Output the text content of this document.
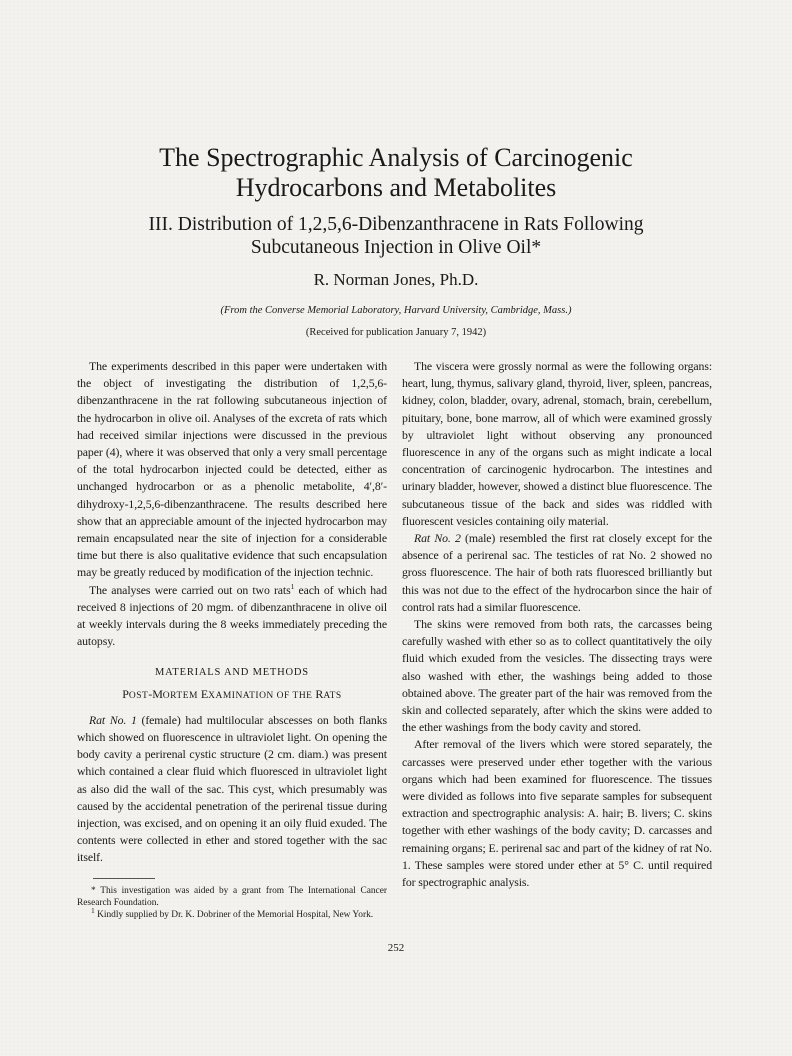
The Spectrographic Analysis of Carcinogenic
Hydrocarbons and Metabolites
III. Distribution of 1,2,5,6-Dibenzanthracene in Rats Following
Subcutaneous Injection in Olive Oil*
R. Norman Jones, Ph.D.
(From the Converse Memorial Laboratory, Harvard University, Cambridge, Mass.)
(Received for publication January 7, 1942)

The experiments described in this paper were undertaken with the object of investigating the distribution of 1,2,5,6-dibenzanthracene in the rat following subcutaneous injection of the hydrocarbon in olive oil. Analyses of the excreta of rats which had received similar injections were discussed in the previous paper (4), where it was observed that only a very small percentage of the total hydrocarbon injected could be detected, either as unchanged hydrocarbon or as a phenolic metabolite, 4′,8′-dihydroxy-1,2,5,6-dibenzanthracene. The results described here show that an appreciable amount of the injected hydrocarbon may remain encapsulated near the site of injection for a considerable time but there is also qualitative evidence that such encapsulation may be greatly reduced by modification of the injection technic.

The analyses were carried out on two rats$^1$ each of which had received 8 injections of 20 mgm. of dibenzanthracene in olive oil at weekly intervals during the 8 weeks immediately preceding the autopsy.

MATERIALS AND METHODS
POST-MORTEM EXAMINATION OF THE RATS

Rat No. 1 (female) had multilocular abscesses on both flanks which showed on fluorescence in ultraviolet light. On opening the body cavity a perirenal cystic structure (2 cm. diam.) was present which contained a clear fluid which fluoresced in ultraviolet light as also did the wall of the sac. This cyst, which presumably was caused by the accidental penetration of the perirenal tissue during injection, was excised, and on opening it an oily fluid exuded. The contents were collected in ether and stored together with the sac itself.

* This investigation was aided by a grant from The International Cancer Research Foundation.

$^1$ Kindly supplied by Dr. K. Dobriner of the Memorial Hospital, New York.

The viscera were grossly normal as were the following organs: heart, lung, thymus, salivary gland, thyroid, liver, spleen, pancreas, kidney, colon, bladder, ovary, adrenal, stomach, brain, cerebellum, pituitary, bone, bone marrow, all of which were examined grossly by ultraviolet light without observing any pronounced fluorescence in any of the organs such as might indicate a local concentration of carcinogenic hydrocarbon. The intestines and urinary bladder, however, showed a distinct blue fluorescence. The subcutaneous tissue of the back and sides was riddled with fluorescent vesicles containing oily material.

Rat No. 2 (male) resembled the first rat closely except for the absence of a perirenal sac. The testicles of rat No. 2 showed no gross fluorescence. The hair of both rats fluoresced brilliantly but this was not due to the effect of the hydrocarbon since the hair of control rats had a similar fluorescence.

The skins were removed from both rats, the carcasses being carefully washed with ether so as to collect quantitatively the oily fluid which exuded from the vesicles. The dissecting trays were also washed with ether, the washings being added to those obtained above. The greater part of the hair was removed from the skin and collected separately, after which the skins were added to the ether washings from the body cavity and stored.

After removal of the livers which were stored separately, the carcasses were preserved under ether together with the various organs which had been examined for fluorescence. The tissues were divided as follows into five separate samples for subsequent extraction and spectrographic analysis: A. hair; B. livers; C. skins together with ether washings of the body cavity; D. carcasses and remaining organs; E. perirenal sac and part of the kidney of rat No. 1. These samples were stored under ether at 5° C. until required for spectrographic analysis.

252
